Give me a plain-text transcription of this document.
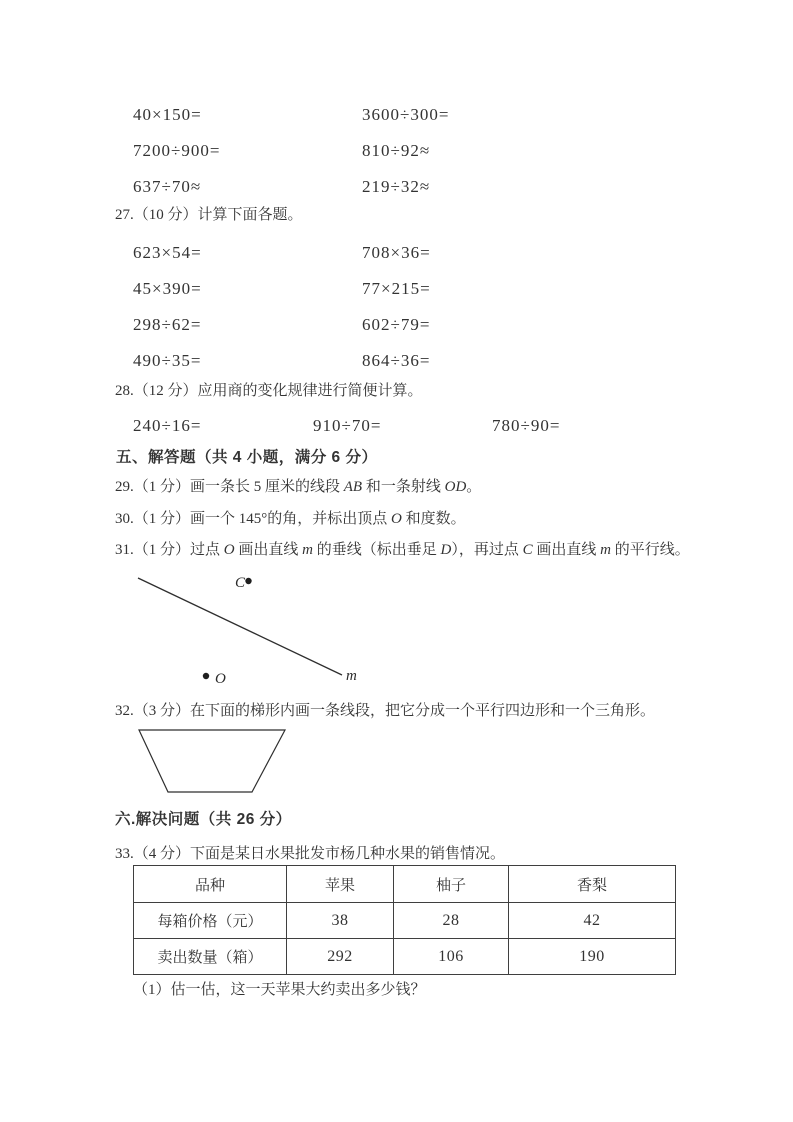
40×150=	3600÷300=
7200÷900=	810÷92≈
637÷70≈	219÷32≈
27.（10 分）计算下面各题。
623×54=	708×36=
45×390=	77×215=
298÷62=	602÷79=
490÷35=	864÷36=
28.（12 分）应用商的变化规律进行简便计算。
240÷16=	910÷70=	780÷90=
五、解答题（共 4 小题，满分 6 分）
29.（1 分）画一条长 5 厘米的线段 AB 和一条射线 OD。
30.（1 分）画一个 145°的角，并标出顶点 O 和度数。
31.（1 分）过点 O 画出直线 m 的垂线（标出垂足 D），再过点 C 画出直线 m 的平行线。
C
O	m
32.（3 分）在下面的梯形内画一条线段，把它分成一个平行四边形和一个三角形。
六.解决问题（共 26 分）
33.（4 分）下面是某日水果批发市杨几种水果的销售情况。
品种	苹果	柚子	香梨
每箱价格（元）	38	28	42
卖出数量（箱）	292	106	190
（1）估一估，这一天苹果大约卖出多少钱？
